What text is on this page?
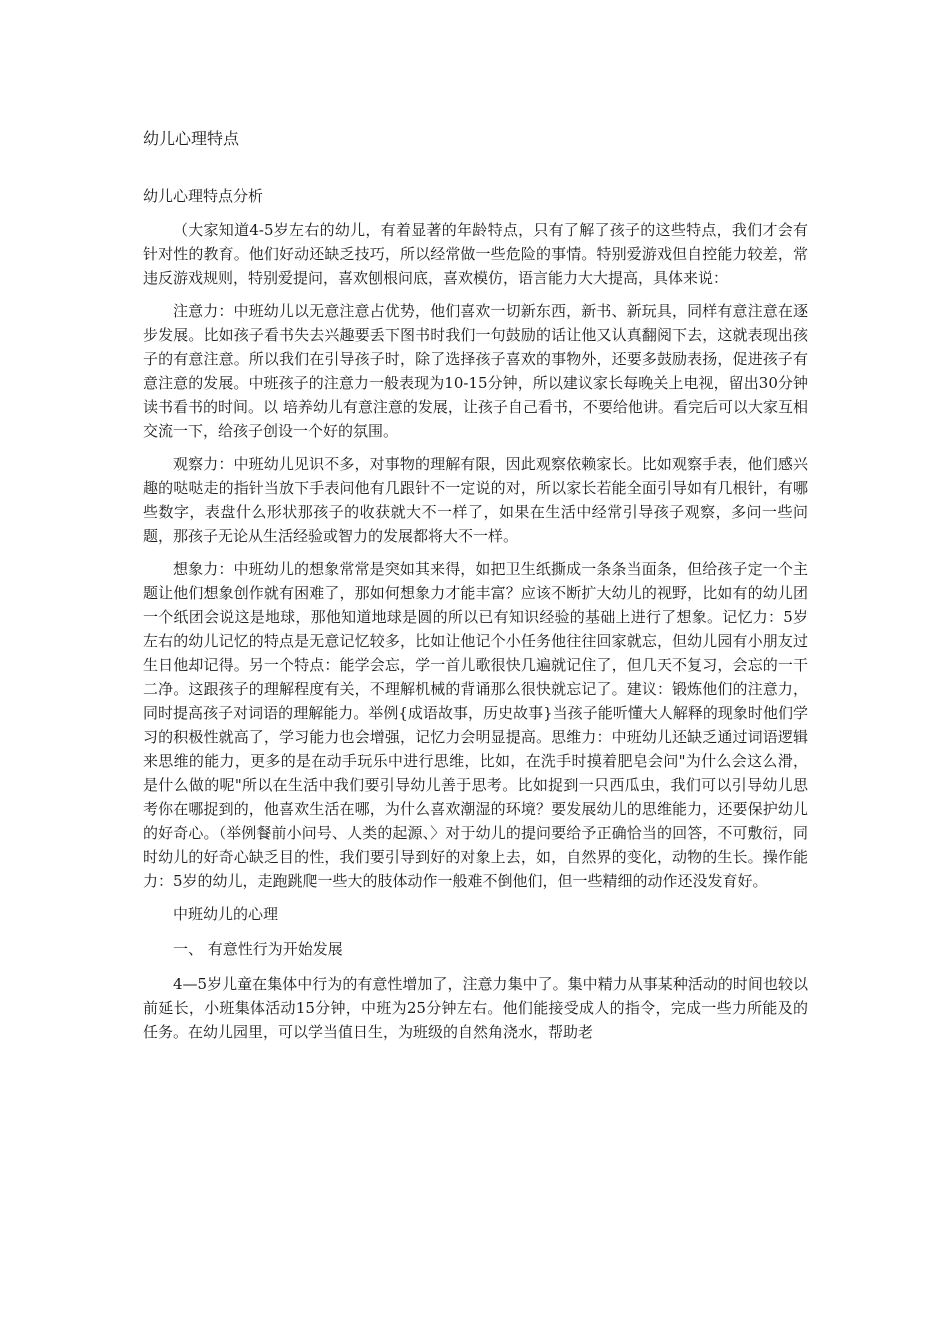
幼儿心理特点
幼儿心理特点分析

（大家知道4-5岁左右的幼儿，有着显著的年龄特点，只有了解了孩子的这些特点，我们才会有针对性的教育。他们好动还缺乏技巧，所以经常做一些危险的事情。特别爱游戏但自控能力较差，常违反游戏规则，特别爱提问，喜欢刨根问底，喜欢模仿，语言能力大大提高，具体来说：

注意力：中班幼儿以无意注意占优势，他们喜欢一切新东西，新书、新玩具，同样有意注意在逐步发展。比如孩子看书失去兴趣要丢下图书时我们一句鼓励的话让他又认真翻阅下去，这就表现出孩子的有意注意。所以我们在引导孩子时，除了选择孩子喜欢的事物外，还要多鼓励表扬，促进孩子有意注意的发展。中班孩子的注意力一般表现为10-15分钟，所以建议家长每晚关上电视，留出30分钟读书看书的时间。以 培养幼儿有意注意的发展，让孩子自己看书，不要给他讲。看完后可以大家互相交流一下，给孩子创设一个好的氛围。

观察力：中班幼儿见识不多，对事物的理解有限，因此观察依赖家长。比如观察手表，他们感兴趣的哒哒走的指针当放下手表问他有几跟针不一定说的对，所以家长若能全面引导如有几根针，有哪些数字，表盘什么形状那孩子的收获就大不一样了，如果在生活中经常引导孩子观察，多问一些问题，那孩子无论从生活经验或智力的发展都将大不一样。

想象力：中班幼儿的想象常常是突如其来得，如把卫生纸撕成一条条当面条，但给孩子定一个主题让他们想象创作就有困难了，那如何想象力才能丰富？应该不断扩大幼儿的视野，比如有的幼儿团一个纸团会说这是地球，那他知道地球是圆的所以已有知识经验的基础上进行了想象。记忆力：5岁左右的幼儿记忆的特点是无意记忆较多，比如让他记个小任务他往往回家就忘，但幼儿园有小朋友过生日他却记得。另一个特点：能学会忘，学一首儿歌很快几遍就记住了，但几天不复习，会忘的一干二净。这跟孩子的理解程度有关，不理解机械的背诵那么很快就忘记了。建议：锻炼他们的注意力，同时提高孩子对词语的理解能力。举例{成语故事，历史故事}当孩子能听懂大人解释的现象时他们学习的积极性就高了，学习能力也会增强，记忆力会明显提高。思维力：中班幼儿还缺乏通过词语逻辑来思维的能力，更多的是在动手玩乐中进行思维，比如，在洗手时摸着肥皂会问"为什么会这么滑，是什么做的呢"所以在生活中我们要引导幼儿善于思考。比如捉到一只西瓜虫，我们可以引导幼儿思考你在哪捉到的，他喜欢生活在哪，为什么喜欢潮湿的环境？要发展幼儿的思维能力，还要保护幼儿的好奇心。（举例餐前小问号、人类的起源、〉对于幼儿的提问要给予正确恰当的回答，不可敷衍，同时幼儿的好奇心缺乏目的性，我们要引导到好的对象上去，如，自然界的变化，动物的生长。操作能力：5岁的幼儿，走跑跳爬一些大的肢体动作一般难不倒他们，但一些精细的动作还没发育好。

中班幼儿的心理

一、 有意性行为开始发展

4—5岁儿童在集体中行为的有意性增加了，注意力集中了。集中精力从事某种活动的时间也较以前延长，小班集体活动15分钟，中班为25分钟左右。他们能接受成人的指令，完成一些力所能及的任务。在幼儿园里，可以学当值日生，为班级的自然角浇水，帮助老
